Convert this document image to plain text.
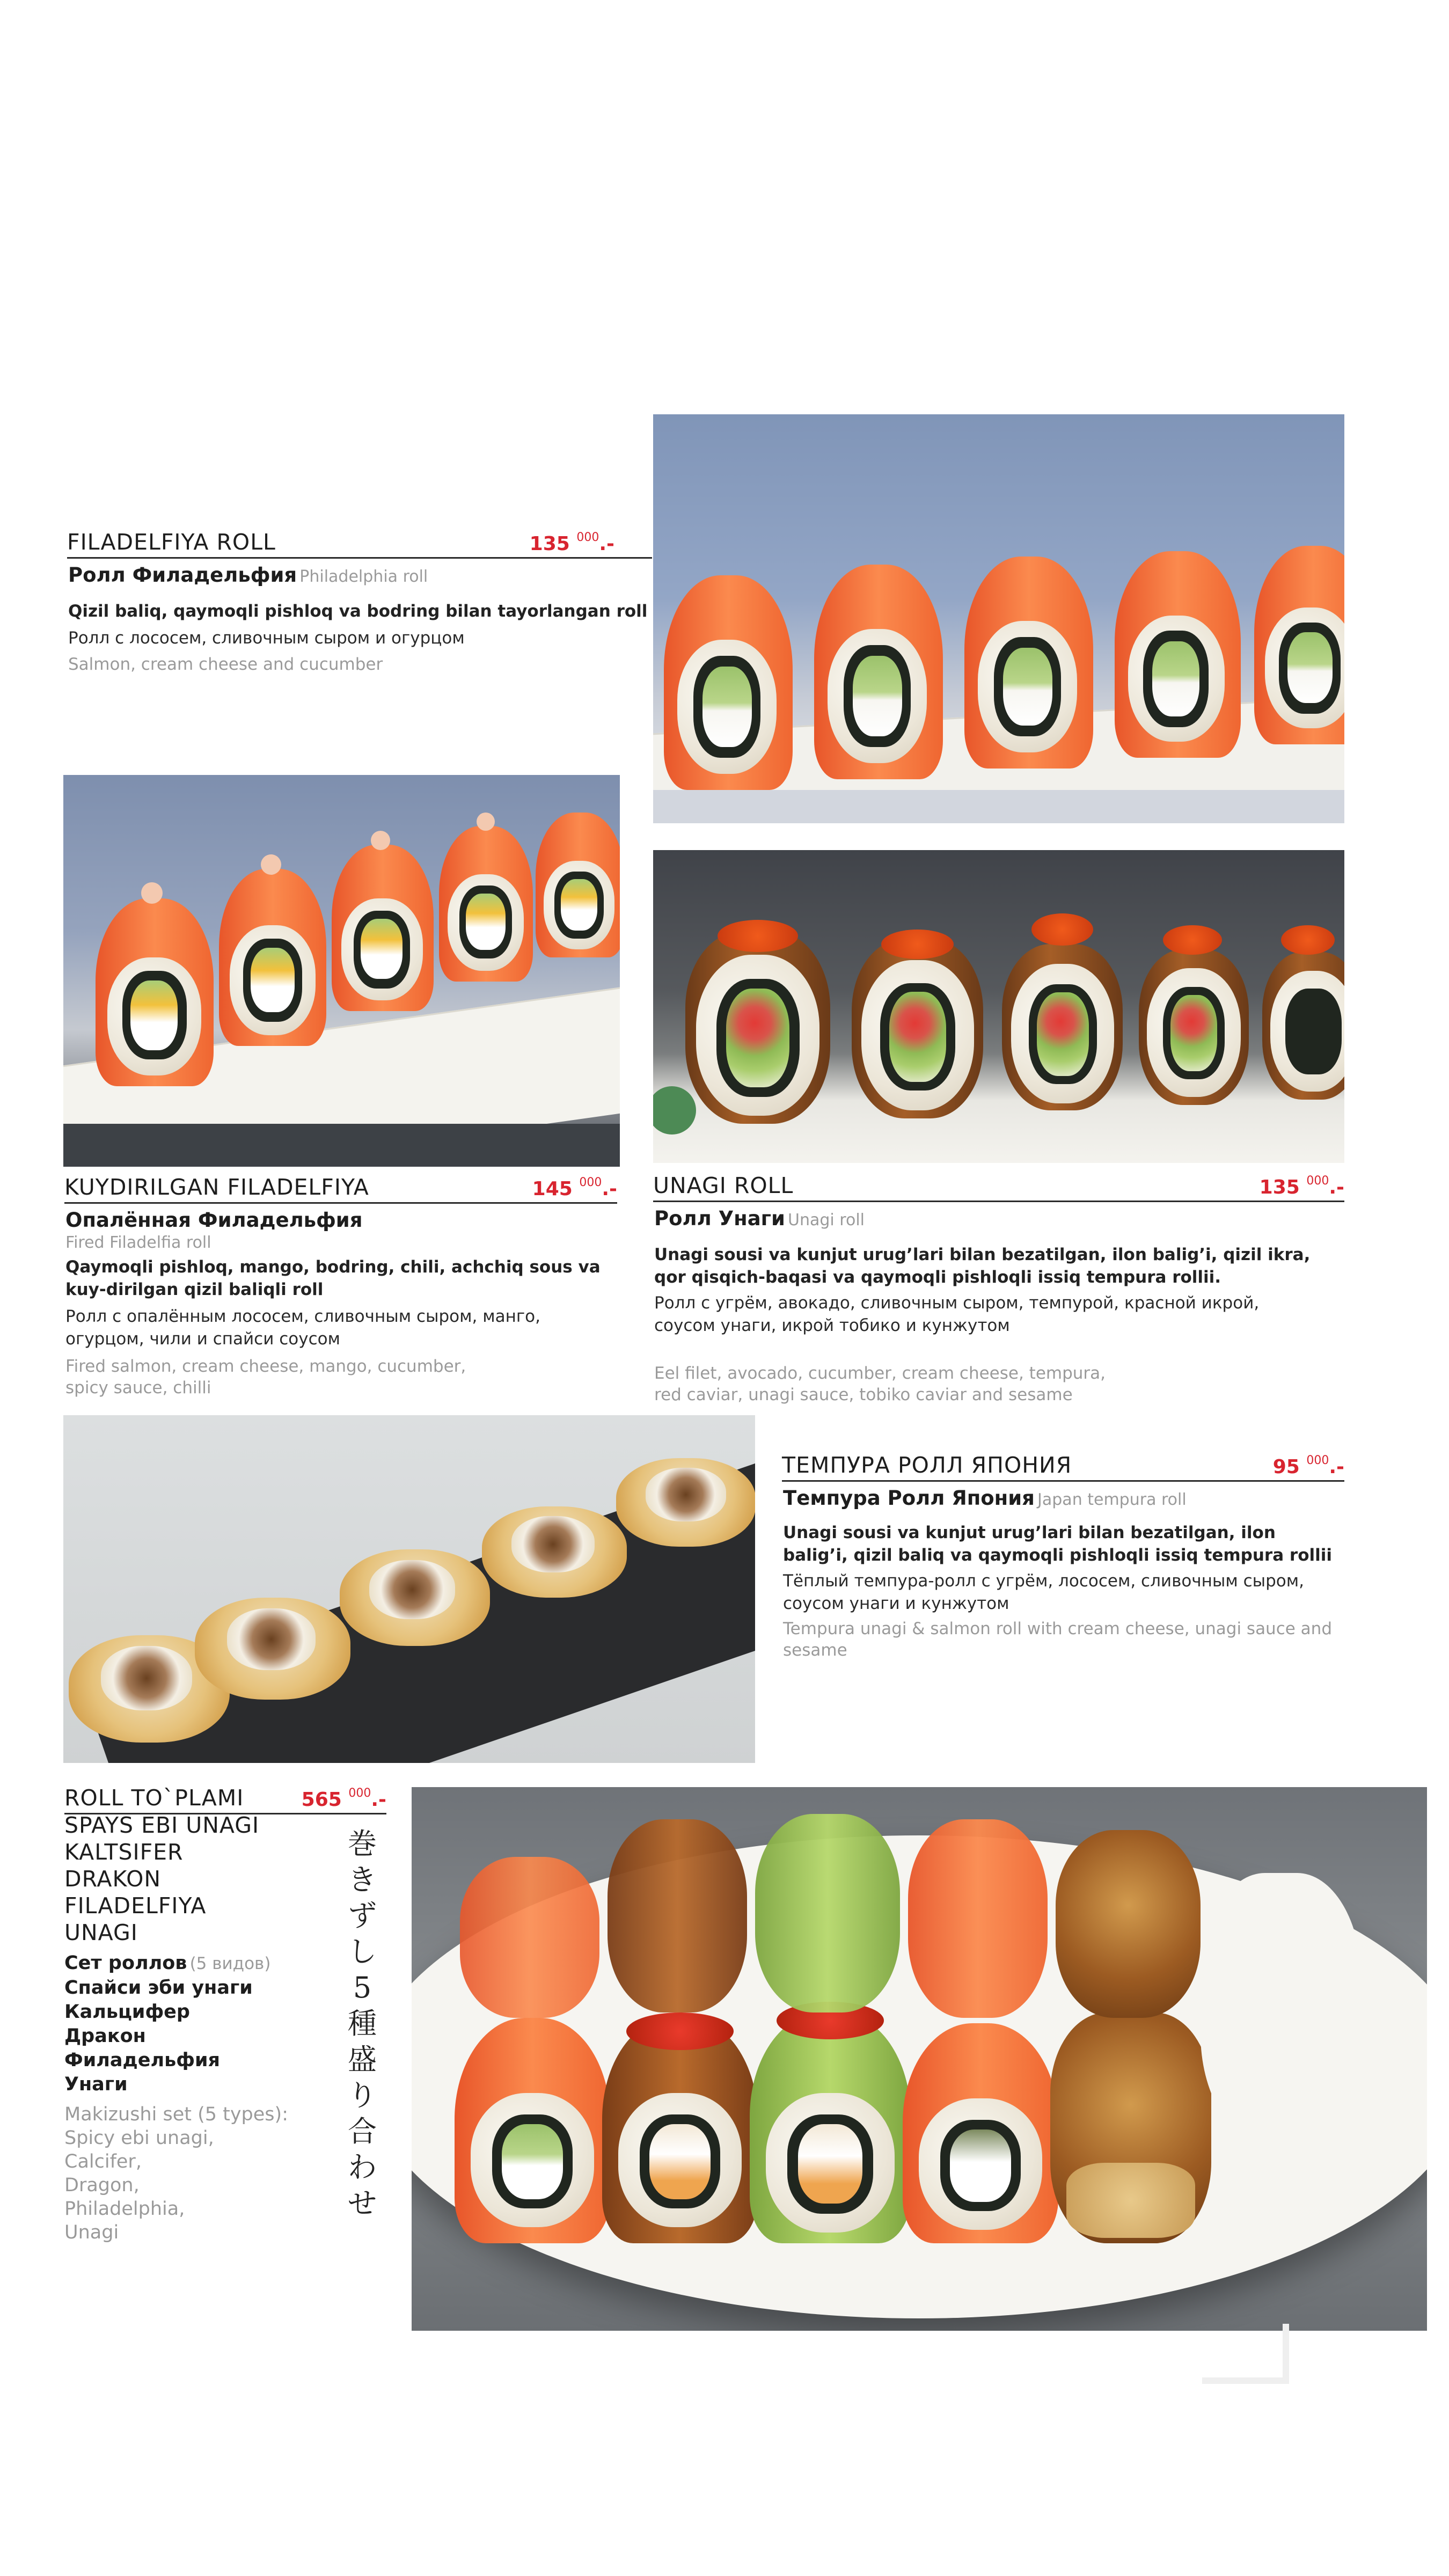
FILADELFIYA ROLL	135 $^{000}$.-
Ролл Филадельфия Philadelphia roll
Qizil baliq, qaymoqli pishloq va bodring bilan tayorlangan roll
Ролл с лососем, сливочным сыром и огурцом
Salmon, cream cheese and cucumber
KUYDIRILGAN FILADELFIYA	145 $^{000}$.-
Опалённая Филадельфия
Fired Filadelfia roll
Qaymoqli pishloq, mango, bodring, chili, achchiq sous va kuy-dirilgan qizil baliqli roll
Ролл с опалённым лососем, сливочным сыром, манго, огурцом, чили и спайси соусом
Fired salmon, cream cheese, mango, cucumber, spicy sauce, chilli
UNAGI ROLL	135 $^{000}$.-
Ролл Унаги Unagi roll
Unagi sousi va kunjut urug’lari bilan bezatilgan, ilon balig’i, qizil ikra, qor qisqich-baqasi va qaymoqli pishloqli issiq tempura rollii.
Ролл с угрём, авокадо, сливочным сыром, темпурой, красной икрой, соусом унаги, икрой тобико и кунжутом
Eel filet, avocado, cucumber, cream cheese, tempura, red caviar, unagi sauce, tobiko caviar and sesame
ТЕМПУРА РОЛЛ ЯПОНИЯ	95 $^{000}$.-
Темпура Ролл Япония Japan tempura roll
Unagi sousi va kunjut urug’lari bilan bezatilgan, ilon balig’i, qizil baliq va qaymoqli pishloqli issiq tempura rollii
Тёплый темпура-ролл с угрём, лососем, сливочным сыром, соусом унаги и кунжутом
Tempura unagi & salmon roll with cream cheese, unagi sauce and sesame
ROLL TO`PLAMI	565 $^{000}$.-
SPAYS EBI UNAGI
KALTSIFER
DRAKON
FILADELFIYA
UNAGI
Сет роллов (5 видов)
Спайси эби унаги
Кальцифер
Дракон
Филадельфия
Унаги
Makizushi set (5 types):
Spicy ebi unagi,
Calcifer,
Dragon,
Philadelphia,
Unagi
巻
き
ず
し
5
種
盛
り
合
わ
せ
